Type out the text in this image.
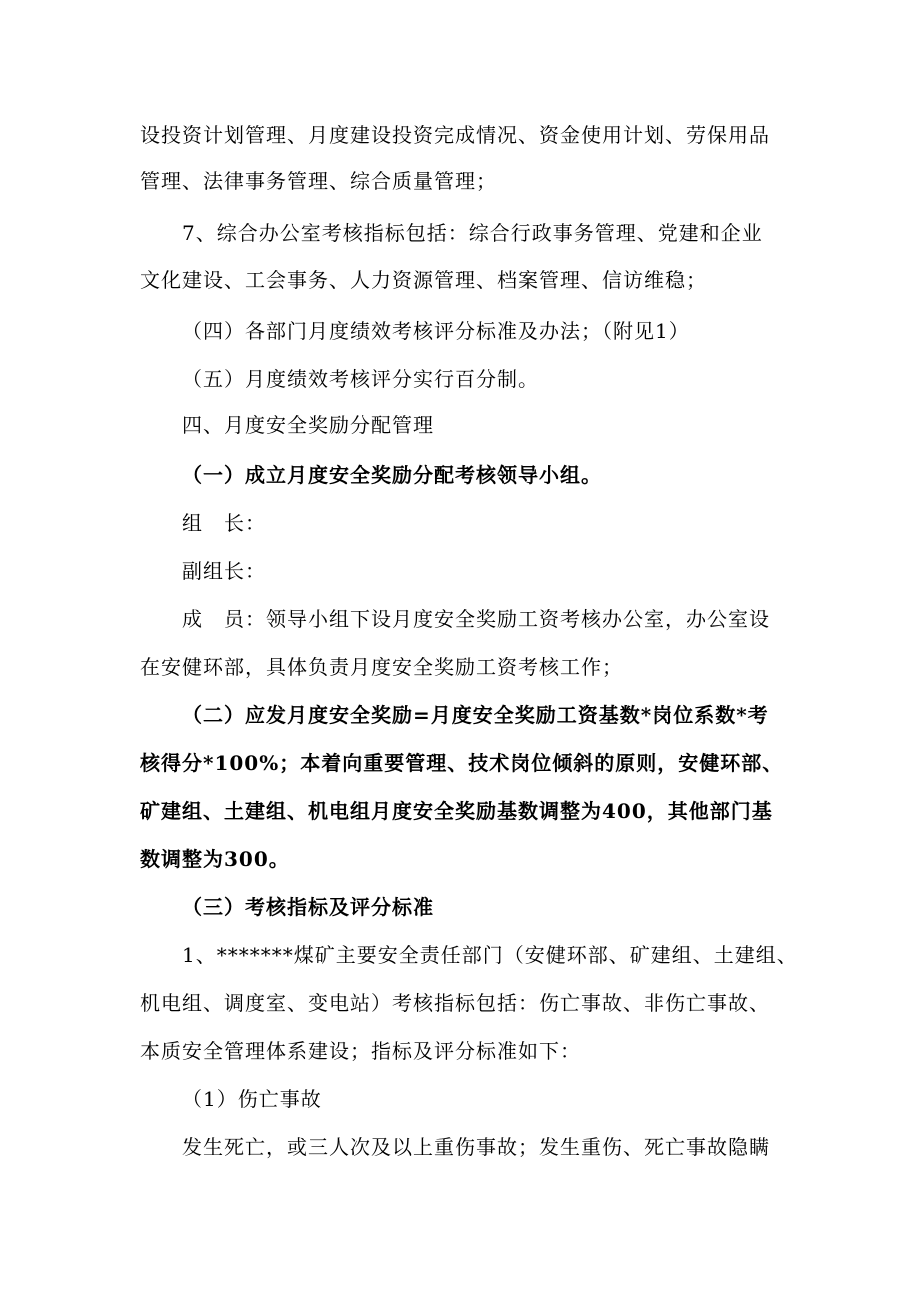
设投资计划管理、月度建设投资完成情况、资金使用计划、劳保用品
管理、法律事务管理、综合质量管理；
7、综合办公室考核指标包括：综合行政事务管理、党建和企业
文化建设、工会事务、人力资源管理、档案管理、信访维稳；
（四）各部门月度绩效考核评分标准及办法；（附见1）
（五）月度绩效考核评分实行百分制。
四、月度安全奖励分配管理
（一）成立月度安全奖励分配考核领导小组。
组　长：
副组长：
成　员：领导小组下设月度安全奖励工资考核办公室，办公室设
在安健环部，具体负责月度安全奖励工资考核工作；
（二）应发月度安全奖励=月度安全奖励工资基数*岗位系数*考
核得分*100%；本着向重要管理、技术岗位倾斜的原则，安健环部、
矿建组、土建组、机电组月度安全奖励基数调整为400，其他部门基
数调整为300。
（三）考核指标及评分标准
1、*******煤矿主要安全责任部门（安健环部、矿建组、土建组、
机电组、调度室、变电站）考核指标包括：伤亡事故、非伤亡事故、
本质安全管理体系建设；指标及评分标准如下：
（1）伤亡事故
发生死亡，或三人次及以上重伤事故；发生重伤、死亡事故隐瞒
